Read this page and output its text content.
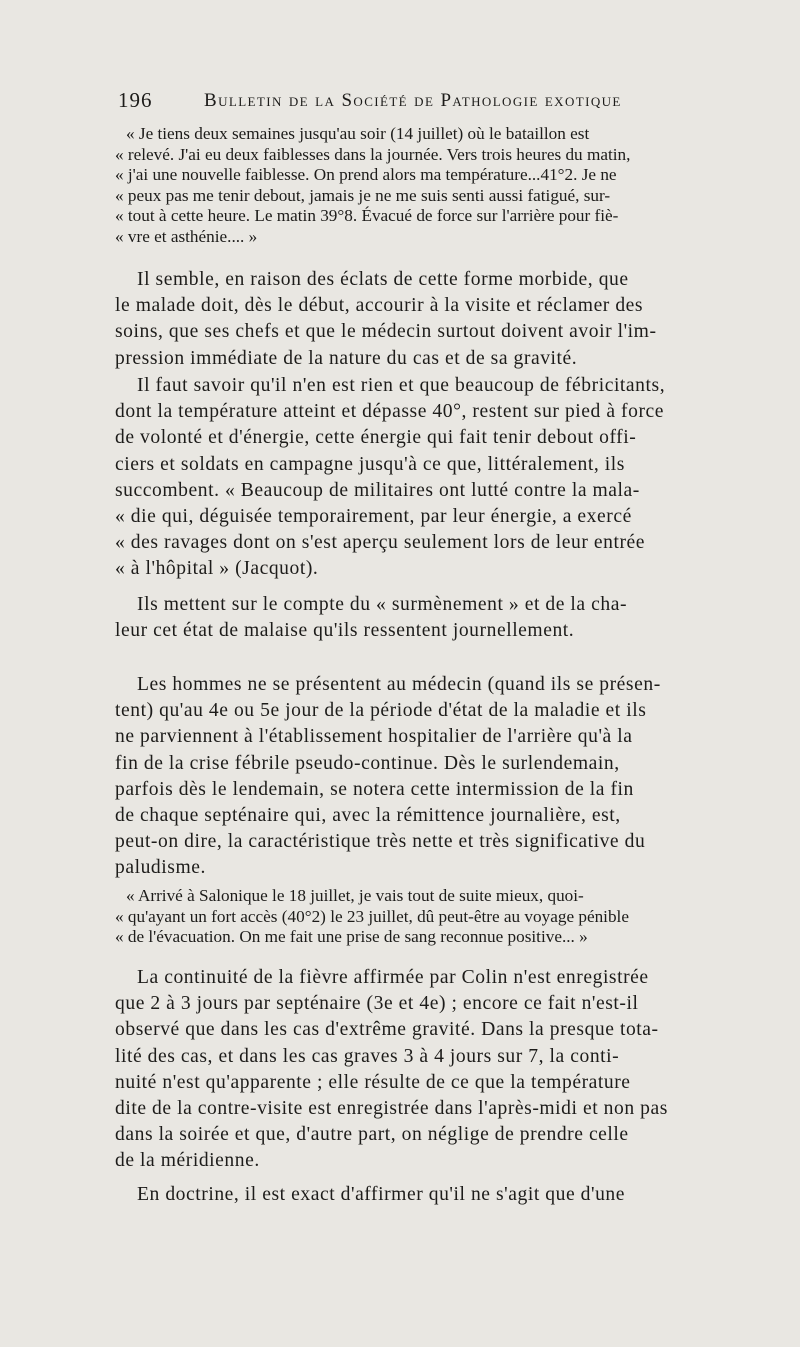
196	Bulletin de la Société de Pathologie exotique
« Je tiens deux semaines jusqu'au soir (14 juillet) où le bataillon est
« relevé. J'ai eu deux faiblesses dans la journée. Vers trois heures du matin,
« j'ai une nouvelle faiblesse. On prend alors ma température...41°2. Je ne
« peux pas me tenir debout, jamais je ne me suis senti aussi fatigué, sur-
« tout à cette heure. Le matin 39°8. Évacué de force sur l'arrière pour fiè-
« vre et asthénie.... »
Il semble, en raison des éclats de cette forme morbide, que
le malade doit, dès le début, accourir à la visite et réclamer des
soins, que ses chefs et que le médecin surtout doivent avoir l'im-
pression immédiate de la nature du cas et de sa gravité.
Il faut savoir qu'il n'en est rien et que beaucoup de fébricitants,
dont la température atteint et dépasse 40°, restent sur pied à force
de volonté et d'énergie, cette énergie qui fait tenir debout offi-
ciers et soldats en campagne jusqu'à ce que, littéralement, ils
succombent. « Beaucoup de militaires ont lutté contre la mala-
« die qui, déguisée temporairement, par leur énergie, a exercé
« des ravages dont on s'est aperçu seulement lors de leur entrée
« à l'hôpital » (Jacquot).
Ils mettent sur le compte du « surmènement » et de la cha-
leur cet état de malaise qu'ils ressentent journellement.
Les hommes ne se présentent au médecin (quand ils se présen-
tent) qu'au 4e ou 5e jour de la période d'état de la maladie et ils
ne parviennent à l'établissement hospitalier de l'arrière qu'à la
fin de la crise fébrile pseudo-continue. Dès le surlendemain,
parfois dès le lendemain, se notera cette intermission de la fin
de chaque septénaire qui, avec la rémittence journalière, est,
peut-on dire, la caractéristique très nette et très significative du
paludisme.
« Arrivé à Salonique le 18 juillet, je vais tout de suite mieux, quoi-
« qu'ayant un fort accès (40°2) le 23 juillet, dû peut-être au voyage pénible
« de l'évacuation. On me fait une prise de sang reconnue positive... »
La continuité de la fièvre affirmée par Colin n'est enregistrée
que 2 à 3 jours par septénaire (3e et 4e) ; encore ce fait n'est-il
observé que dans les cas d'extrême gravité. Dans la presque tota-
lité des cas, et dans les cas graves 3 à 4 jours sur 7, la conti-
nuité n'est qu'apparente ; elle résulte de ce que la température
dite de la contre-visite est enregistrée dans l'après-midi et non pas
dans la soirée et que, d'autre part, on néglige de prendre celle
de la méridienne.
En doctrine, il est exact d'affirmer qu'il ne s'agit que d'une
